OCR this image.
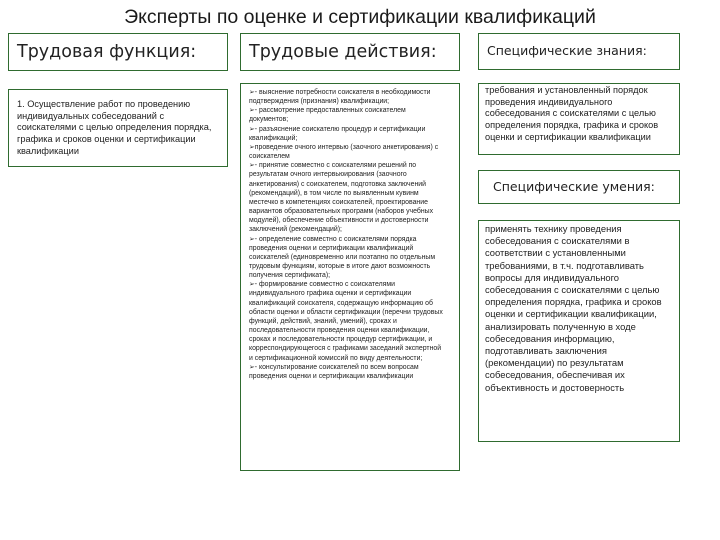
Эксперты по оценке и сертификации квалификаций
Трудовая функция:
1. Осуществление работ по проведению индивидуальных собеседований с соискателями с целью определения порядка, графика и сроков оценки и сертификации квалификации
Трудовые действия:

➢- выяснение потребности соискателя в необходимости подтверждения (признания) квалификации;

➢- рассмотрение предоставленных соискателем документов;

➢- разъяснение соискателю процедур и сертификации квалификаций;

➢проведение очного интервью (заочного анкетирования) с соискателем

➢- принятие совместно с соискателями решений по результатам очного интервьюирования (заочного анкетирования) с соискателем, подготовка заключений (рекомендаций), в том числе по выявленным кувинм местечко в компетенциях соискателей, проектирование вариантов образовательных программ (наборов учебных модулей), обеспечение объективности и достоверности заключений (рекомендаций);

➢- определение совместно с соискателями порядка проведения оценки и сертификации квалификаций соискателей (единовременно или поэтапно по отдельным трудовым функциям, которые в итоге дают возможность получения сертификата);

➢- формирование совместно с соискателями индивидуального графика оценки и сертификации квалификаций соискателя, содержащую информацию об области оценки и области сертификации (перечни трудовых функций, действий, знаний, умений), сроках и последовательности проведения оценки квалификации, сроках и последовательности процедур сертификации, и корреспондирующегося с графиками заседаний экспертной и сертификационной комиссий по виду деятельности;

➢- консультирование соискателей по всем вопросам проведения оценки и сертификации квалификации

Специфические знания:
требования и установленный порядок проведения индивидуального собеседования с соискателями с целью определения порядка, графика и сроков оценки и сертификации квалификации
Специфические умения:
применять технику проведения собеседования с соискателями в соответствии с установленными требованиями, в т.ч. подготавливать вопросы для индивидуального собеседования с соискателями с целью определения порядка, графика и сроков оценки и сертификации квалификации, анализировать полученную в ходе собеседования информацию, подготавливать заключения (рекомендации) по результатам собеседования, обеспечивая их объективность и достоверность
